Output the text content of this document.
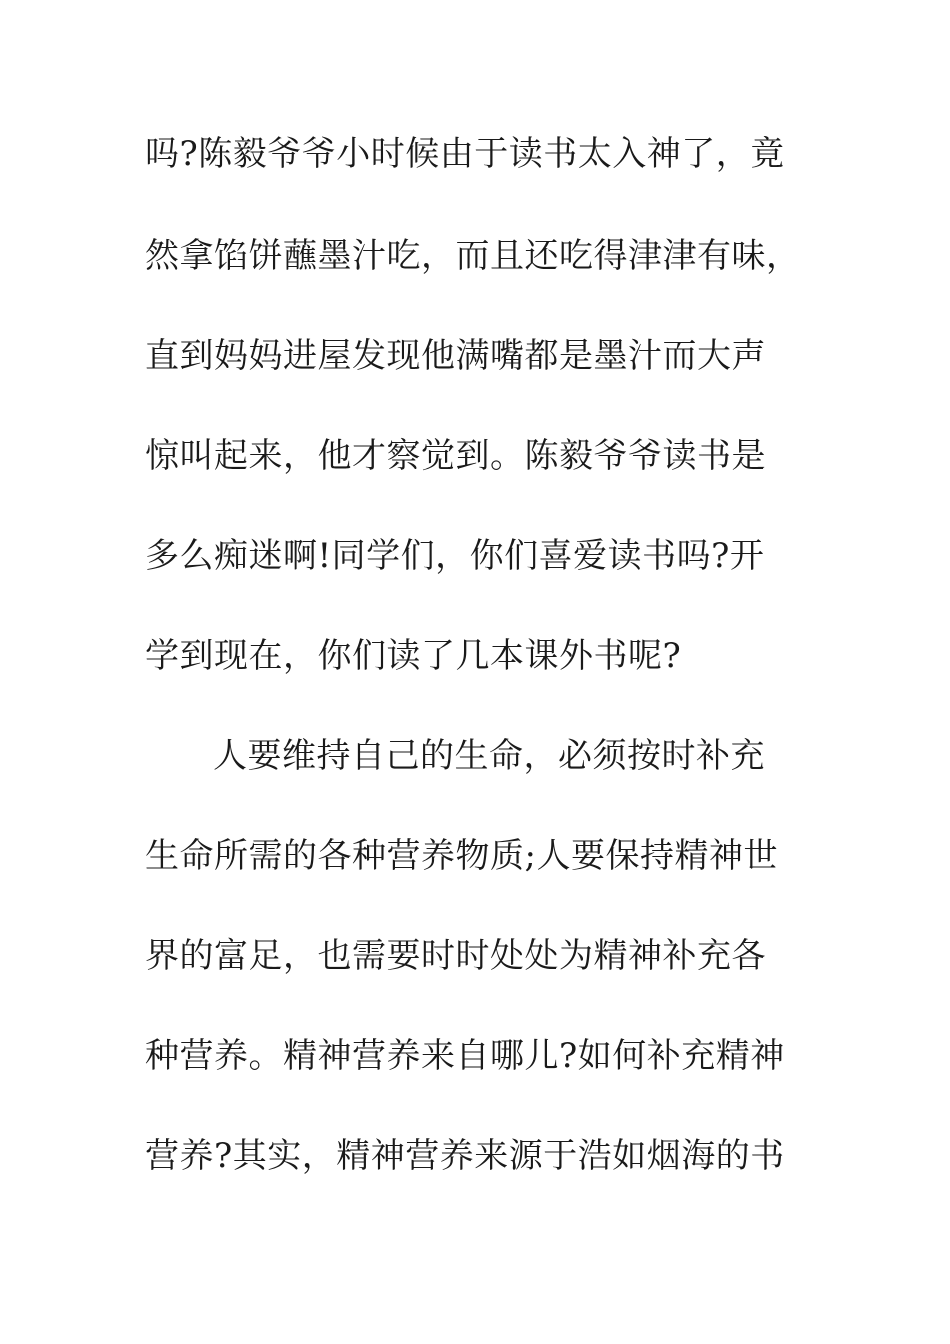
吗?陈毅爷爷小时候由于读书太入神了，竟
然拿馅饼蘸墨汁吃，而且还吃得津津有味，
直到妈妈进屋发现他满嘴都是墨汁而大声
惊叫起来，他才察觉到。陈毅爷爷读书是
多么痴迷啊!同学们，你们喜爱读书吗?开
学到现在，你们读了几本课外书呢?
人要维持自己的生命，必须按时补充
生命所需的各种营养物质;人要保持精神世
界的富足，也需要时时处处为精神补充各
种营养。精神营养来自哪儿?如何补充精神
营养?其实，精神营养来源于浩如烟海的书
